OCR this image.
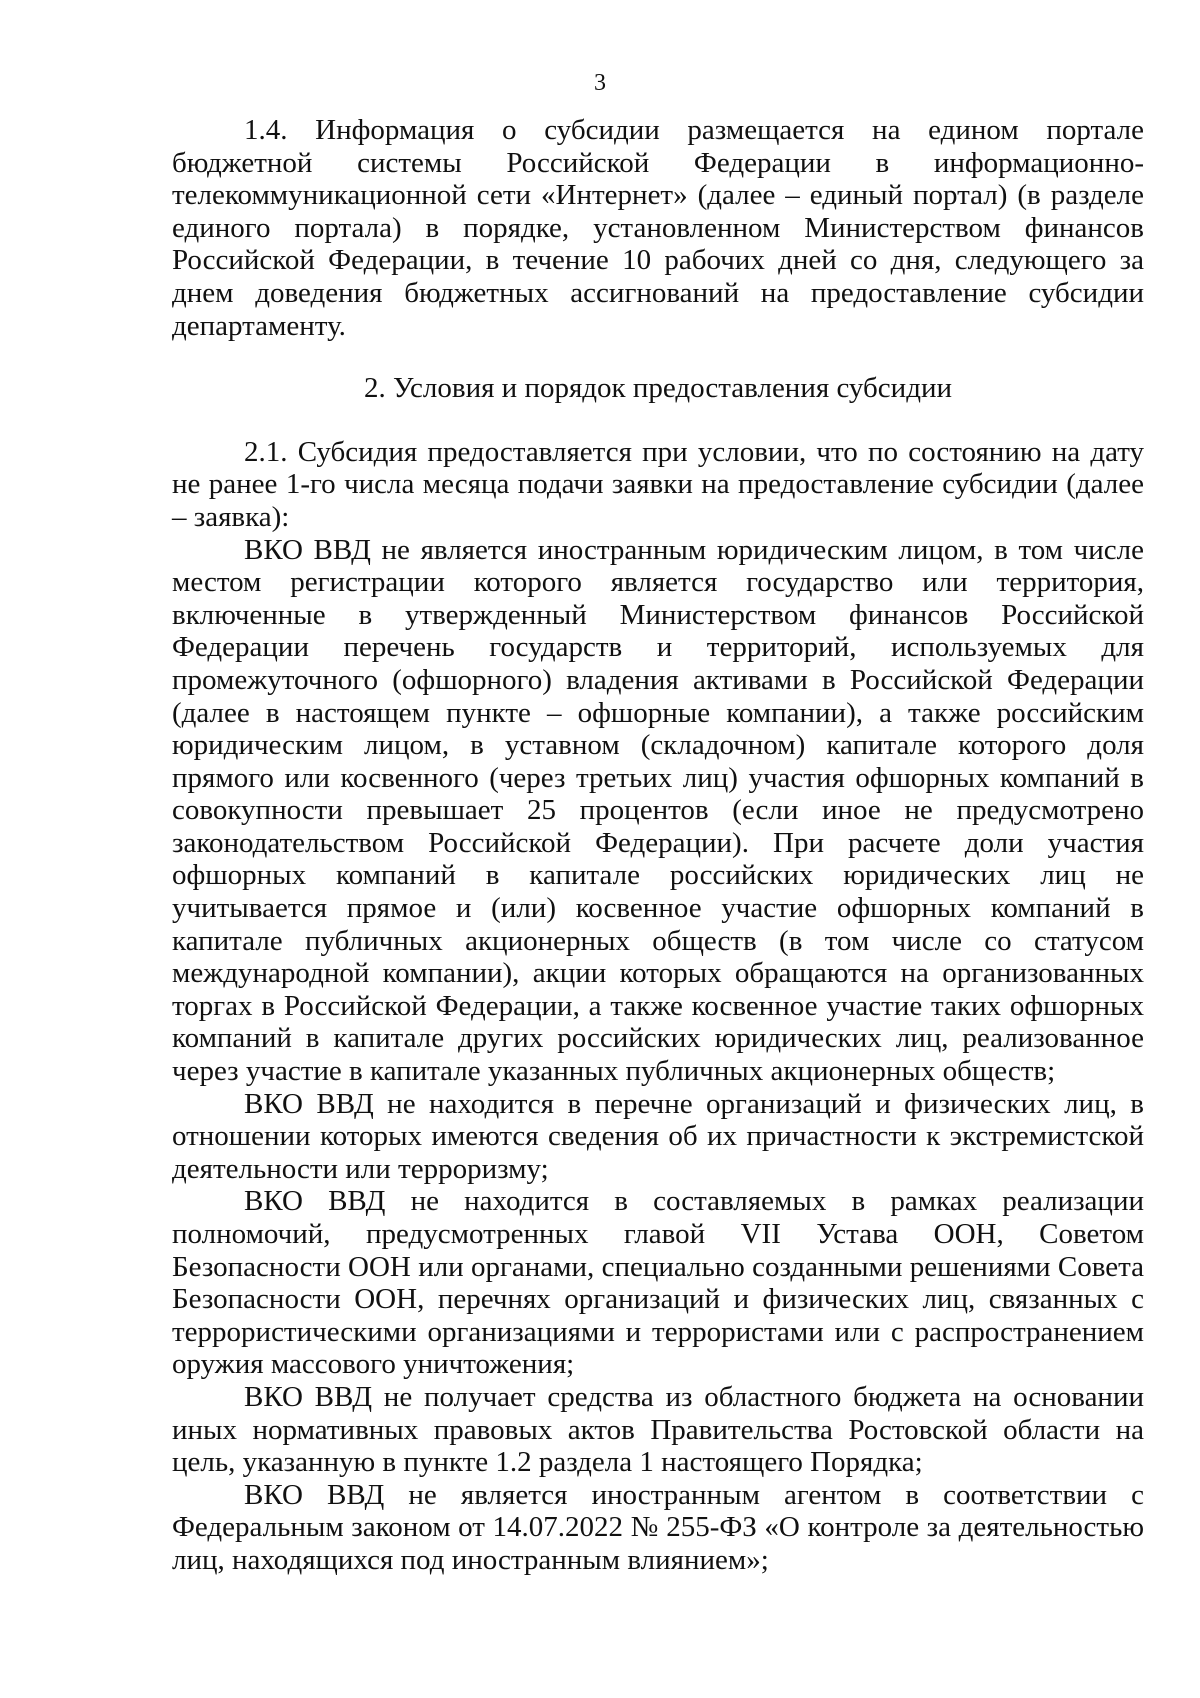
3

1.4. Информация о субсидии размещается на едином портале бюджетной системы Российской Федерации в информационно-телекоммуникационной сети «Интернет» (далее – единый портал) (в разделе единого портала) в порядке, установленном Министерством финансов Российской Федерации, в течение 10 рабочих дней со дня, следующего за днем доведения бюджетных ассигнований на предоставление субсидии департаменту.

2. Условия и порядок предоставления субсидии

2.1. Субсидия предоставляется при условии, что по состоянию на дату не ранее 1-го числа месяца подачи заявки на предоставление субсидии (далее – заявка):

ВКО ВВД не является иностранным юридическим лицом, в том числе местом регистрации которого является государство или территория, включенные в утвержденный Министерством финансов Российской Федерации перечень государств и территорий, используемых для промежуточного (офшорного) владения активами в Российской Федерации (далее в настоящем пункте – офшорные компании), а также российским юридическим лицом, в уставном (складочном) капитале которого доля прямого или косвенного (через третьих лиц) участия офшорных компаний в совокупности превышает 25 процентов (если иное не предусмотрено законодательством Российской Федерации). При расчете доли участия офшорных компаний в капитале российских юридических лиц не учитывается прямое и (или) косвенное участие офшорных компаний в капитале публичных акционерных обществ (в том числе со статусом международной компании), акции которых обращаются на организованных торгах в Российской Федерации, а также косвенное участие таких офшорных компаний в капитале других российских юридических лиц, реализованное через участие в капитале указанных публичных акционерных обществ;

ВКО ВВД не находится в перечне организаций и физических лиц, в отношении которых имеются сведения об их причастности к экстремистской деятельности или терроризму;

ВКО ВВД не находится в составляемых в рамках реализации полномочий, предусмотренных главой VII Устава ООН, Советом Безопасности ООН или органами, специально созданными решениями Совета Безопасности ООН, перечнях организаций и физических лиц, связанных с террористическими организациями и террористами или с распространением оружия массового уничтожения;

ВКО ВВД не получает средства из областного бюджета на основании иных нормативных правовых актов Правительства Ростовской области на цель, указанную в пункте 1.2 раздела 1 настоящего Порядка;

ВКО ВВД не является иностранным агентом в соответствии с Федеральным законом от 14.07.2022 № 255-ФЗ «О контроле за деятельностью лиц, находящихся под иностранным влиянием»;
